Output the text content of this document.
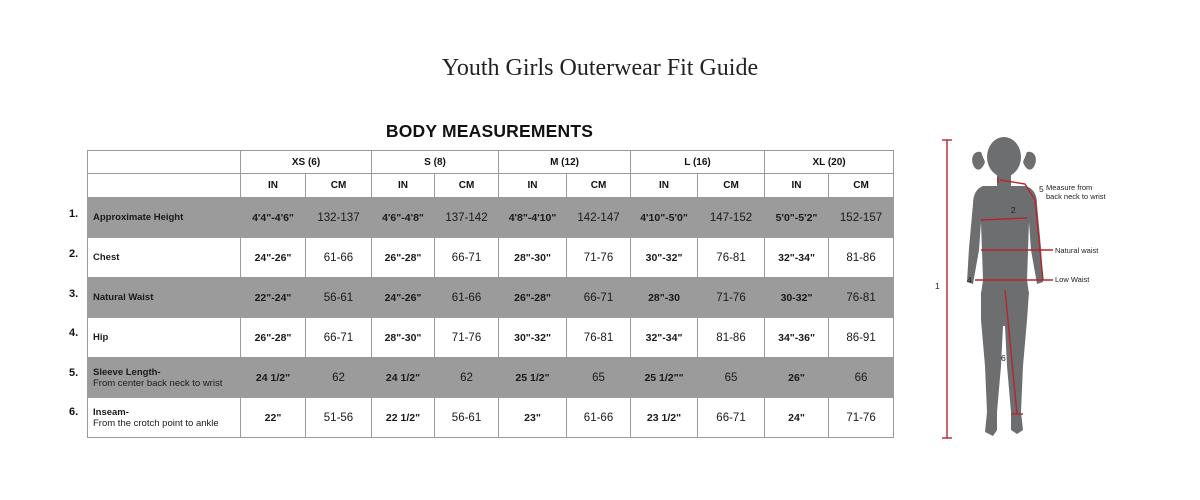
Youth Girls Outerwear Fit Guide
BODY MEASUREMENTS
	XS (6)		S (8)		M (12)		L (16)		XL (20)	
	IN	CM	IN	CM	IN	CM	IN	CM	IN	CM
Approximate Height	4'4"-4'6"	132-137	4'6"-4'8"	137-142	4'8"-4'10"	142-147	4'10"-5'0"	147-152	5'0"-5'2"	152-157
Chest	24"-26"	61-66	26"-28"	66-71	28"-30"	71-76	30"-32"	76-81	32"-34"	81-86
Natural Waist	22"-24"	56-61	24"-26"	61-66	26"-28"	66-71	28"-30	71-76	30-32"	76-81
Hip	26"-28"	66-71	28"-30"	71-76	30"-32"	76-81	32"-34"	81-86	34"-36"	86-91
Sleeve Length-
From center back neck to wrist	24 1/2"	62	24 1/2"	62	25 1/2"	65	25 1/2""	65	26"	66
Inseam-
From the crotch point to ankle	22"	51-56	22 1/2"	56-61	23"	61-66	23 1/2"	66-71	24"	71-76
1.
2.
3.
4.
5.
6.
1
2
4
5
6
Measure from
back neck to wrist
Natural waist
Low Waist
